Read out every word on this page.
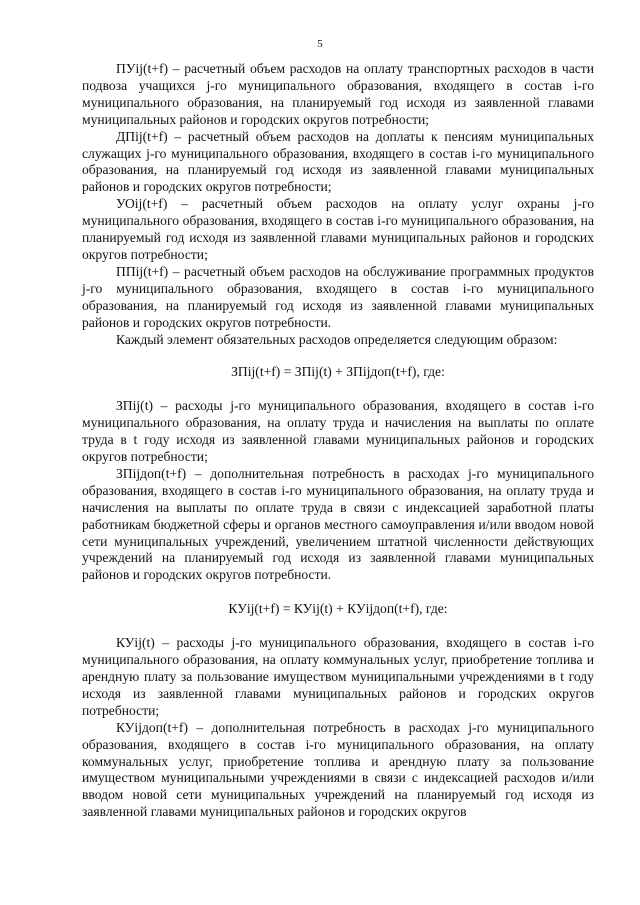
5

ПУij(t+f) – расчетный объем расходов на оплату транспортных расходов в части подвоза учащихся j-го муниципального образования, входящего в состав i-го муниципального образования, на планируемый год исходя из заявленной главами муниципальных районов и городских округов потребности;

ДПij(t+f) – расчетный объем расходов на доплаты к пенсиям муниципальных служащих j-го муниципального образования, входящего в состав i-го муниципального образования, на планируемый год исходя из заявленной главами муниципальных районов и городских округов потребности;

УОij(t+f) – расчетный объем расходов на оплату услуг охраны j-го муниципального образования, входящего в состав i-го муниципального образования, на планируемый год исходя из заявленной главами муниципальных районов и городских округов потребности;

ППij(t+f) – расчетный объем расходов на обслуживание программных продуктов j-го муниципального образования, входящего в состав i-го муниципального образования, на планируемый год исходя из заявленной главами муниципальных районов и городских округов потребности.

Каждый элемент обязательных расходов определяется следующим образом:

ЗПij(t+f) = ЗПij(t) + ЗПijдоп(t+f), где:

ЗПij(t) – расходы j-го муниципального образования, входящего в состав i-го муниципального образования, на оплату труда и начисления на выплаты по оплате труда в t году исходя из заявленной главами муниципальных районов и городских округов потребности;

ЗПijдоп(t+f) – дополнительная потребность в расходах j-го муниципального образования, входящего в состав i-го муниципального образования, на оплату труда и начисления на выплаты по оплате труда в связи с индексацией заработной платы работникам бюджетной сферы и органов местного самоуправления и/или вводом новой сети муниципальных учреждений, увеличением штатной численности действующих учреждений на планируемый год исходя из заявленной главами муниципальных районов и городских округов потребности.

КУij(t+f) = КУij(t) + КУijдоп(t+f), где:

КУij(t) – расходы j-го муниципального образования, входящего в состав i-го муниципального образования, на оплату коммунальных услуг, приобретение топлива и арендную плату за пользование имуществом муниципальными учреждениями в t году исходя из заявленной главами муниципальных районов и городских округов потребности;

КУijдоп(t+f) – дополнительная потребность в расходах j-го муниципального образования, входящего в состав i-го муниципального образования, на оплату коммунальных услуг, приобретение топлива и арендную плату за пользование имуществом муниципальными учреждениями в связи с индексацией расходов и/или вводом новой сети муниципальных учреждений на планируемый год исходя из заявленной главами муниципальных районов и городских округов
